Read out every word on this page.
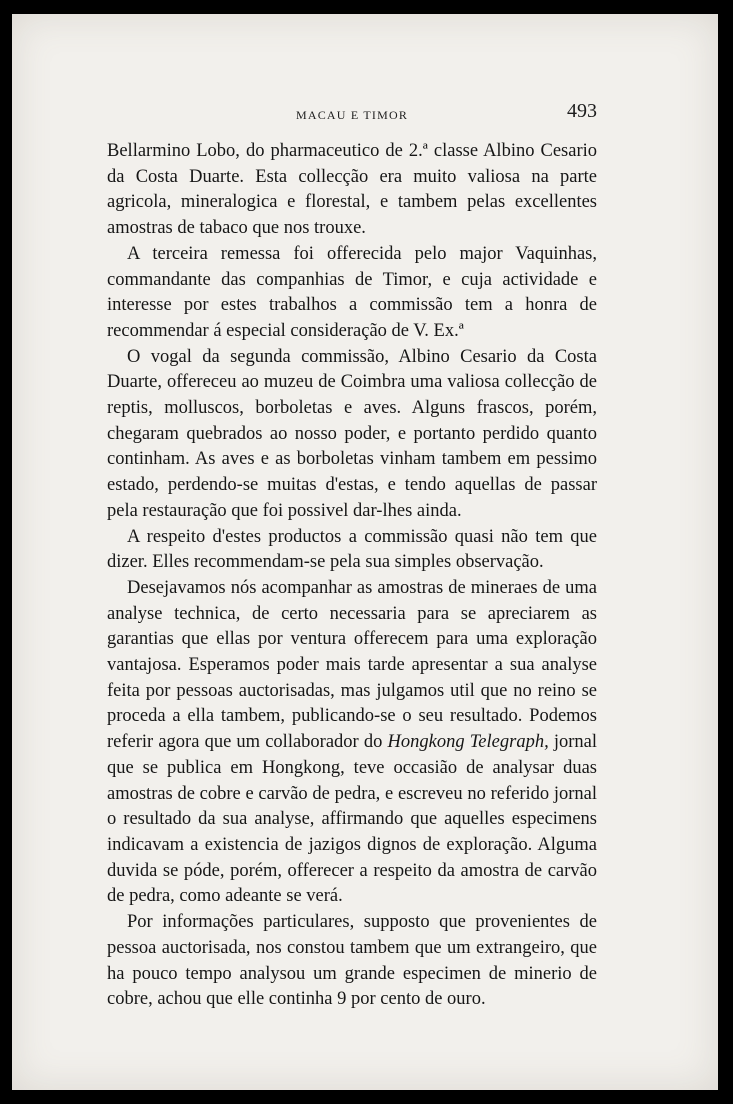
MACAU E TIMOR	493

Bellarmino Lobo, do pharmaceutico de 2.ª classe Albino Cesario da Costa Duarte. Esta collecção era muito valiosa na parte agricola, mineralogica e florestal, e tambem pelas excellentes amostras de tabaco que nos trouxe.

A terceira remessa foi offerecida pelo major Vaquinhas, commandante das companhias de Timor, e cuja actividade e interesse por estes trabalhos a commissão tem a honra de recommendar á especial consideração de V. Ex.ª

O vogal da segunda commissão, Albino Cesario da Costa Duarte, offereceu ao muzeu de Coimbra uma valiosa collecção de reptis, molluscos, borboletas e aves. Alguns frascos, porém, chegaram quebrados ao nosso poder, e portanto perdido quanto continham. As aves e as borboletas vinham tambem em pessimo estado, perdendo-se muitas d'estas, e tendo aquellas de passar pela restauração que foi possivel dar-lhes ainda.

A respeito d'estes productos a commissão quasi não tem que dizer. Elles recommendam-se pela sua simples observação.

Desejavamos nós acompanhar as amostras de mineraes de uma analyse technica, de certo necessaria para se apreciarem as garantias que ellas por ventura offerecem para uma exploração vantajosa. Esperamos poder mais tarde apresentar a sua analyse feita por pessoas auctorisadas, mas julgamos util que no reino se proceda a ella tambem, publicando-se o seu resultado. Podemos referir agora que um collaborador do Hongkong Telegraph, jornal que se publica em Hongkong, teve occasião de analysar duas amostras de cobre e carvão de pedra, e escreveu no referido jornal o resultado da sua analyse, affirmando que aquelles especimens indicavam a existencia de jazigos dignos de exploração. Alguma duvida se póde, porém, offerecer a respeito da amostra de carvão de pedra, como adeante se verá.

Por informações particulares, supposto que provenientes de pessoa auctorisada, nos constou tambem que um extrangeiro, que ha pouco tempo analysou um grande especimen de minerio de cobre, achou que elle continha 9 por cento de ouro.
